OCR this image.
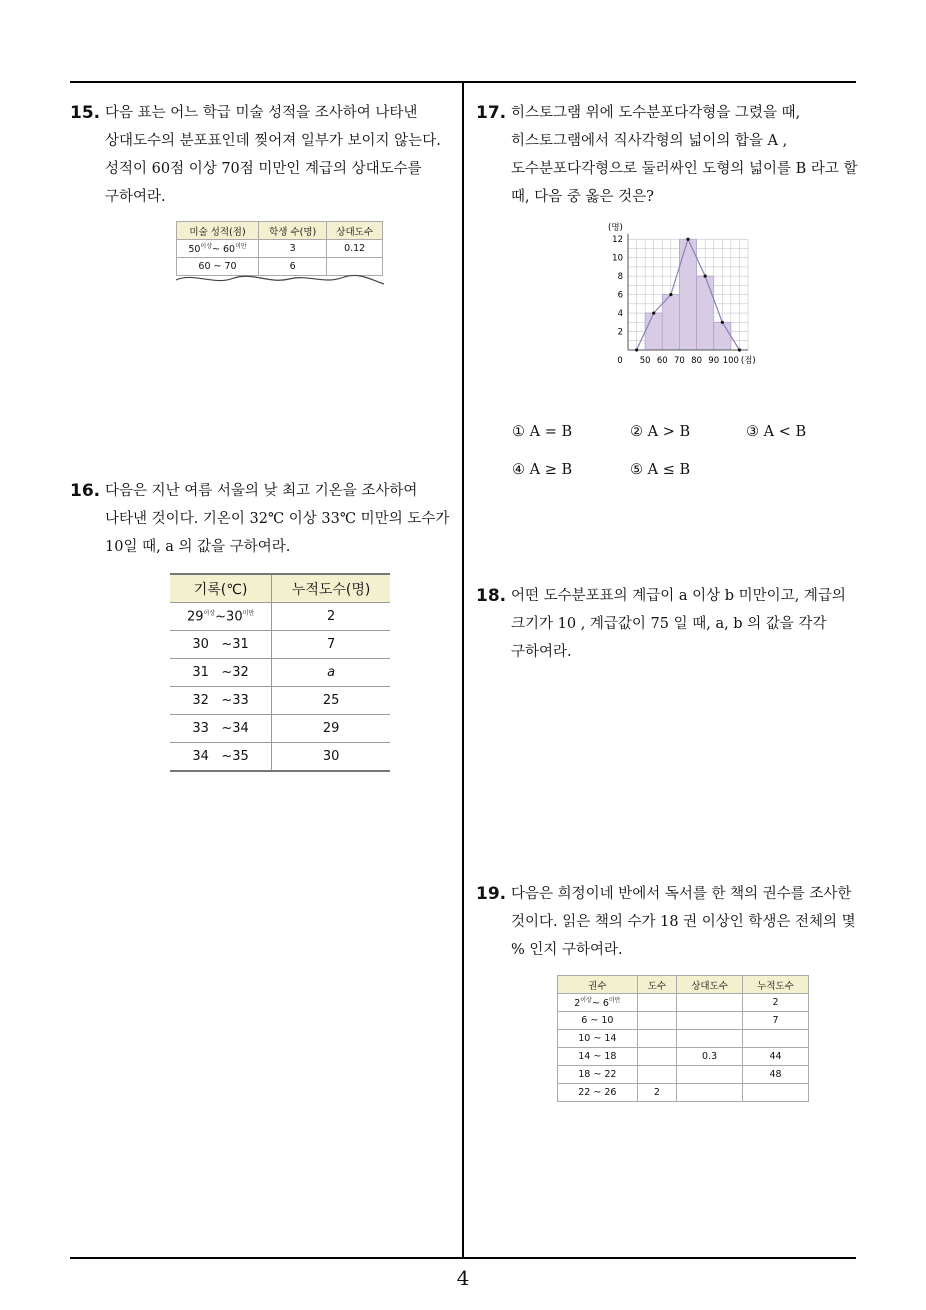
15. 다음 표는 어느 학급 미술 성적을 조사하여 나타낸 상대도수의 분포표인데 찢어져 일부가 보이지 않는다. 성적이 60점 이상 70점 미만인 계급의 상대도수를 구하여라.
미술 성적(점)	학생 수(명)	상대도수
$50^{이상}\sim$ $60^{미만}$	3	0.12
60 ~ 70	6	
16. 다음은 지난 여름 서울의 낮 최고 기온을 조사하여 나타낸 것이다. 기온이 32℃ 이상 33℃ 미만의 도수가 10일 때, a 의 값을 구하여라.
기록(℃)	누적도수(명)
$29^{이상}\sim 30^{미만}$	2
30   ~31	7
31   ~32	a
32   ~33	25
33   ~34	29
34   ~35	30
17. 히스토그램 위에 도수분포다각형을 그렸을 때, 히스토그램에서 직사각형의 넓이의 합을 A , 도수분포다각형으로 둘러싸인 도형의 넓이를 B 라고 할 때, 다음 중 옳은 것은?
2
4
6
8
10
12
0 50 60 70 80 90 100
(명)
(점)
① A = B	② A > B	③ A < B
④ A ≥ B	⑤ A ≤ B
18. 어떤 도수분포표의 계급이 a 이상 b 미만이고, 계급의 크기가 10 , 계급값이 75 일 때, a, b 의 값을 각각 구하여라.
19. 다음은 희정이네 반에서 독서를 한 책의 권수를 조사한 것이다. 읽은 책의 수가 18 권 이상인 학생은 전체의 몇 % 인지 구하여라.
권수	도수	상대도수	누적도수
$2^{이상}\sim$ $6^{미만}$			2
6 ~ 10			7
10 ~ 14			
14 ~ 18		0.3	44
18 ~ 22			48
22 ~ 26	2		
4
